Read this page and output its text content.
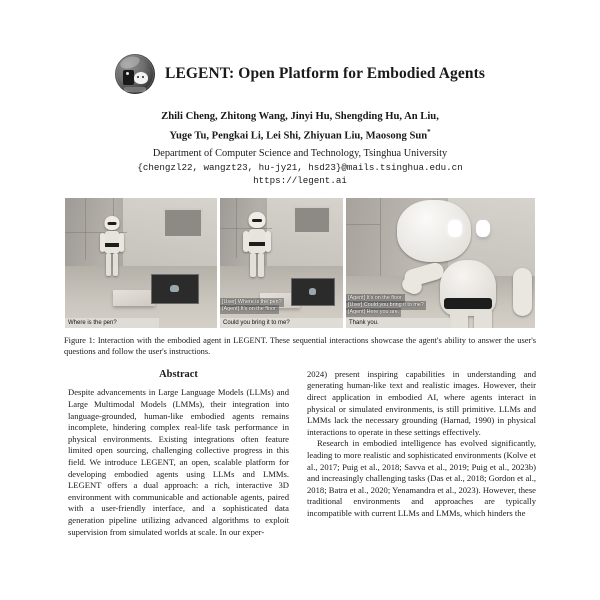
LEGENT: Open Platform for Embodied Agents
Zhili Cheng, Zhitong Wang, Jinyi Hu, Shengding Hu, An Liu,
Yuge Tu, Pengkai Li, Lei Shi, Zhiyuan Liu, Maosong Sun*
Department of Computer Science and Technology, Tsinghua University
{chengzl22, wangzt23, hu-jy21, hsd23}@mails.tsinghua.edu.cn
https://legent.ai
Where is the pen?
[User] Where is the pen?
[Agent] It's on the floor.
Could you bring it to me?
[Agent] It's on the floor.
[User] Could you bring it to me?
[Agent] Here you are.
Thank you.
Figure 1: Interaction with the embodied agent in LEGENT. These sequential interactions showcase the agent's ability to answer the user's questions and follow the user's instructions.
Abstract

Despite advancements in Large Language Models (LLMs) and Large Multimodal Models (LMMs), their integration into language-grounded, human-like embodied agents remains incomplete, hindering complex real-life task performance in physical environments. Existing integrations often feature limited open sourcing, challenging collective progress in this field. We introduce LEGENT, an open, scalable platform for developing embodied agents using LLMs and LMMs. LEGENT offers a dual approach: a rich, interactive 3D environment with communicable and actionable agents, paired with a user-friendly interface, and a sophisticated data generation pipeline utilizing advanced algorithms to exploit supervision from simulated worlds at scale. In our exper-

2024) present inspiring capabilities in understanding and generating human-like text and realistic images. However, their direct application in embodied AI, where agents interact in physical or simulated environments, is still primitive. LLMs and LMMs lack the necessary grounding (Harnad, 1990) in physical interactions to operate in these settings effectively.

Research in embodied intelligence has evolved significantly, leading to more realistic and sophisticated environments (Kolve et al., 2017; Puig et al., 2018; Savva et al., 2019; Puig et al., 2023b) and increasingly challenging tasks (Das et al., 2018; Gordon et al., 2018; Batra et al., 2020; Yenamandra et al., 2023). However, these traditional environments and approaches are typically incompatible with current LLMs and LMMs, which hinders the
